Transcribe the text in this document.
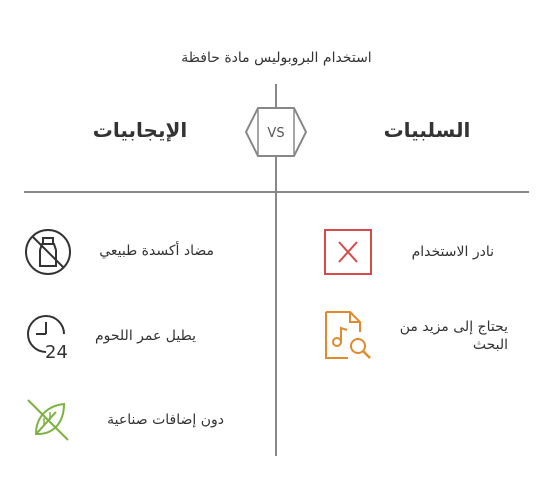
استخدام البروبوليس مادة حافظة
السلبيات
الإيجابيات	VS
نادر الاستخدام
يحتاج إلى مزيد من البحث
مضاد أكسدة طبيعي
24
يطيل عمر اللحوم
دون إضافات صناعية
